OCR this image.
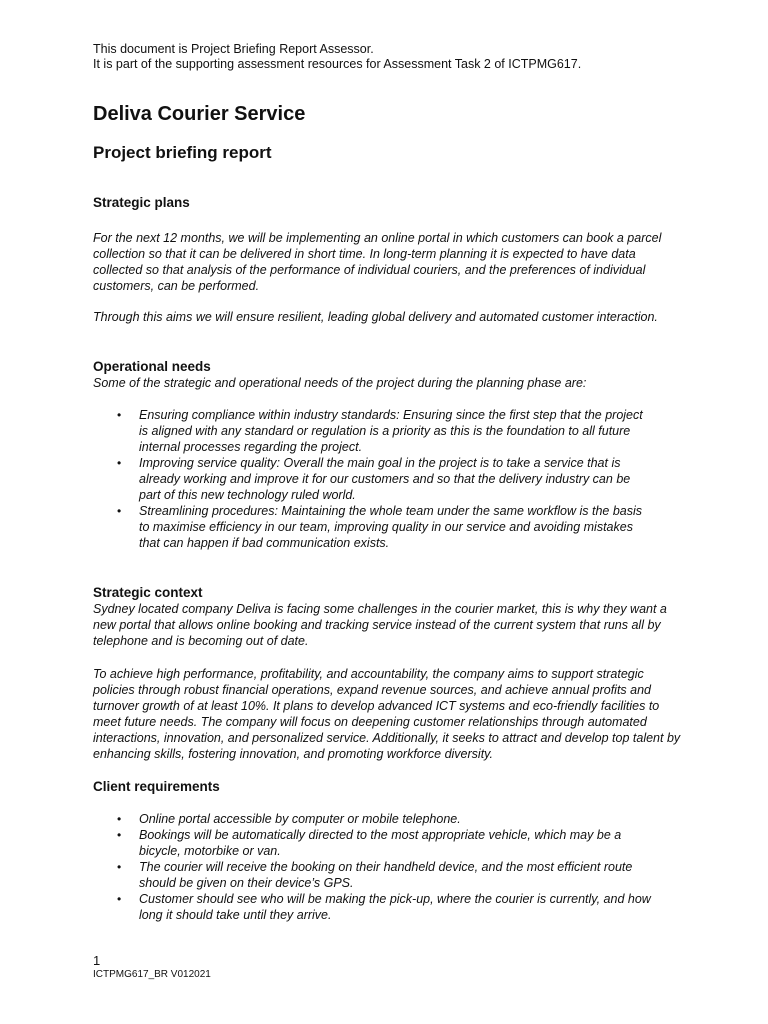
This document is Project Briefing Report Assessor.

It is part of the supporting assessment resources for Assessment Task 2 of ICTPMG617.

Deliva Courier Service
Project briefing report
Strategic plans

For the next 12 months, we will be implementing an online portal in which customers can book a parcel collection so that it can be delivered in short time. In long-term planning it is expected to have data collected so that analysis of the performance of individual couriers, and the preferences of individual customers, can be performed.

Through this aims we will ensure resilient, leading global delivery and automated customer interaction.

Operational needs

Some of the strategic and operational needs of the project during the planning phase are:

• Ensuring compliance within industry standards: Ensuring since the first step that the project is aligned with any standard or regulation is a priority as this is the foundation to all future internal processes regarding the project.
• Improving service quality: Overall the main goal in the project is to take a service that is already working and improve it for our customers and so that the delivery industry can be part of this new technology ruled world.
• Streamlining procedures: Maintaining the whole team under the same workflow is the basis to maximise efficiency in our team, improving quality in our service and avoiding mistakes that can happen if bad communication exists.
Strategic context

Sydney located company Deliva is facing some challenges in the courier market, this is why they want a new portal that allows online booking and tracking service instead of the current system that runs all by telephone and is becoming out of date.

To achieve high performance, profitability, and accountability, the company aims to support strategic policies through robust financial operations, expand revenue sources, and achieve annual profits and turnover growth of at least 10%. It plans to develop advanced ICT systems and eco-friendly facilities to meet future needs. The company will focus on deepening customer relationships through automated interactions, innovation, and personalized service. Additionally, it seeks to attract and develop top talent by enhancing skills, fostering innovation, and promoting workforce diversity.

Client requirements
• Online portal accessible by computer or mobile telephone.
• Bookings will be automatically directed to the most appropriate vehicle, which may be a bicycle, motorbike or van.
• The courier will receive the booking on their handheld device, and the most efficient route should be given on their device’s GPS.
• Customer should see who will be making the pick-up, where the courier is currently, and how long it should take until they arrive.

1

ICTPMG617_BR V012021
